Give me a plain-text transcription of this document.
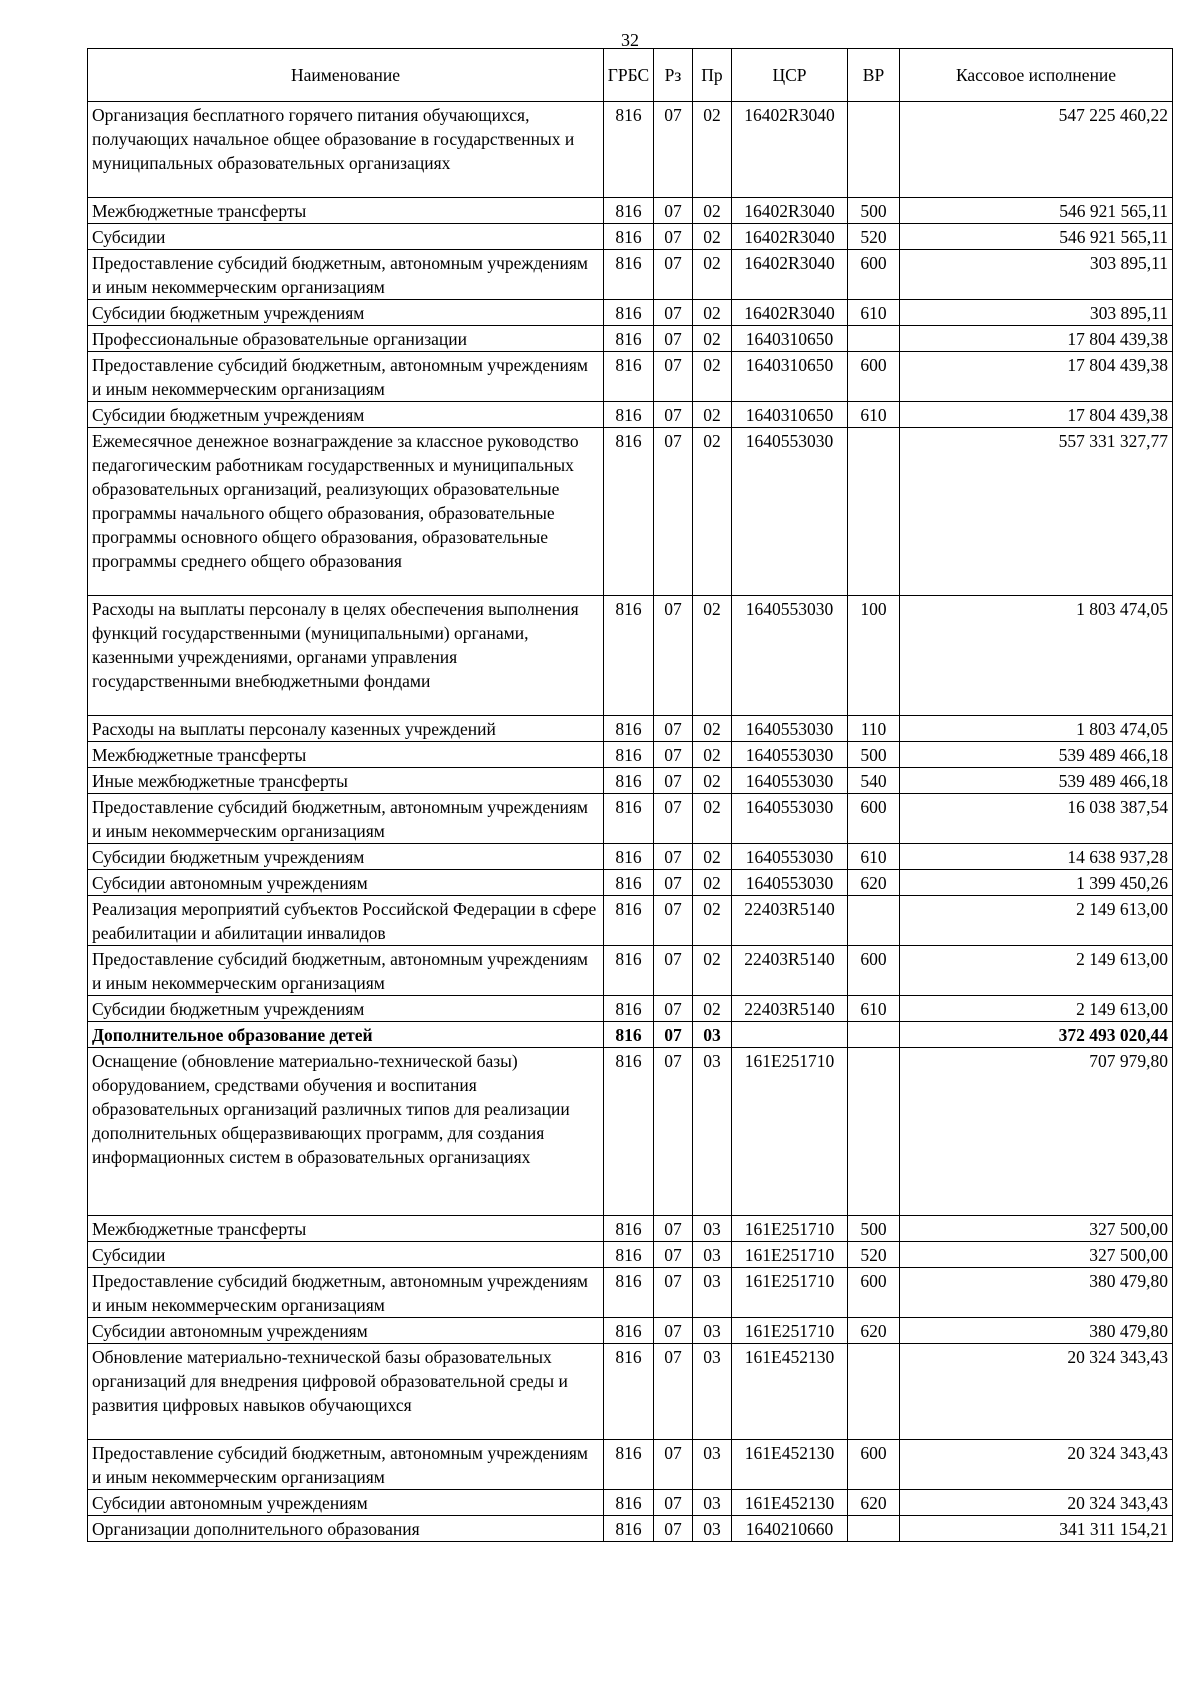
32
Наименование	ГРБС	Рз	Пр	ЦСР	ВР	Кассовое исполнение
Организация бесплатного горячего питания обучающихся, получающих начальное общее образование в государственных и муниципальных образовательных организациях	816	07	02	16402R3040		547 225 460,22
Межбюджетные трансферты	816	07	02	16402R3040	500	546 921 565,11
Субсидии	816	07	02	16402R3040	520	546 921 565,11
Предоставление субсидий бюджетным, автономным учреждениям и иным некоммерческим организациям	816	07	02	16402R3040	600	303 895,11
Субсидии бюджетным учреждениям	816	07	02	16402R3040	610	303 895,11
Профессиональные образовательные организации	816	07	02	1640310650		17 804 439,38
Предоставление субсидий бюджетным, автономным учреждениям и иным некоммерческим организациям	816	07	02	1640310650	600	17 804 439,38
Субсидии бюджетным учреждениям	816	07	02	1640310650	610	17 804 439,38
Ежемесячное денежное вознаграждение за классное руководство педагогическим работникам государственных и муниципальных образовательных организаций, реализующих образовательные программы начального общего образования, образовательные программы основного общего образования, образовательные программы среднего общего образования	816	07	02	1640553030		557 331 327,77
Расходы на выплаты персоналу в целях обеспечения выполнения функций государственными (муниципальными) органами, казенными учреждениями, органами управления государственными внебюджетными фондами	816	07	02	1640553030	100	1 803 474,05
Расходы на выплаты персоналу казенных учреждений	816	07	02	1640553030	110	1 803 474,05
Межбюджетные трансферты	816	07	02	1640553030	500	539 489 466,18
Иные межбюджетные трансферты	816	07	02	1640553030	540	539 489 466,18
Предоставление субсидий бюджетным, автономным учреждениям и иным некоммерческим организациям	816	07	02	1640553030	600	16 038 387,54
Субсидии бюджетным учреждениям	816	07	02	1640553030	610	14 638 937,28
Субсидии автономным учреждениям	816	07	02	1640553030	620	1 399 450,26
Реализация мероприятий субъектов Российской Федерации в сфере реабилитации и абилитации инвалидов	816	07	02	22403R5140		2 149 613,00
Предоставление субсидий бюджетным, автономным учреждениям и иным некоммерческим организациям	816	07	02	22403R5140	600	2 149 613,00
Субсидии бюджетным учреждениям	816	07	02	22403R5140	610	2 149 613,00
Дополнительное образование детей	816	07	03			372 493 020,44
Оснащение (обновление материально-технической базы) оборудованием, средствами обучения и воспитания образовательных организаций различных типов для реализации дополнительных общеразвивающих программ, для создания информационных систем в образовательных организациях	816	07	03	161E251710		707 979,80
Межбюджетные трансферты	816	07	03	161E251710	500	327 500,00
Субсидии	816	07	03	161E251710	520	327 500,00
Предоставление субсидий бюджетным, автономным учреждениям и иным некоммерческим организациям	816	07	03	161E251710	600	380 479,80
Субсидии автономным учреждениям	816	07	03	161E251710	620	380 479,80
Обновление материально-технической базы образовательных организаций для внедрения цифровой образовательной среды и развития цифровых навыков обучающихся	816	07	03	161E452130		20 324 343,43
Предоставление субсидий бюджетным, автономным учреждениям и иным некоммерческим организациям	816	07	03	161E452130	600	20 324 343,43
Субсидии автономным учреждениям	816	07	03	161E452130	620	20 324 343,43
Организации дополнительного образования	816	07	03	1640210660		341 311 154,21
